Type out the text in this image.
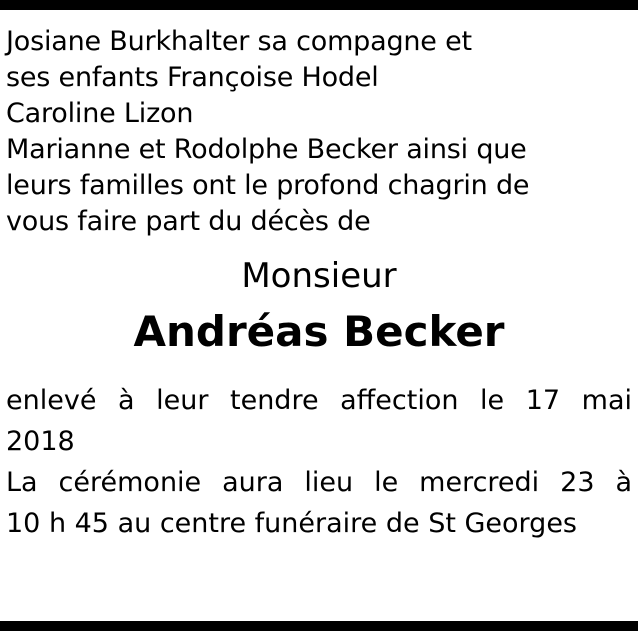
Josiane Burkhalter sa compagne et
ses enfants Françoise Hodel
Caroline Lizon
Marianne et Rodolphe Becker ainsi que
leurs familles ont le profond chagrin de
vous faire part du décès de
Monsieur
Andréas Becker
enlevé à leur tendre affection le 17 mai
2018
La cérémonie aura lieu le mercredi 23 à
10 h 45 au centre funéraire de St Georges
